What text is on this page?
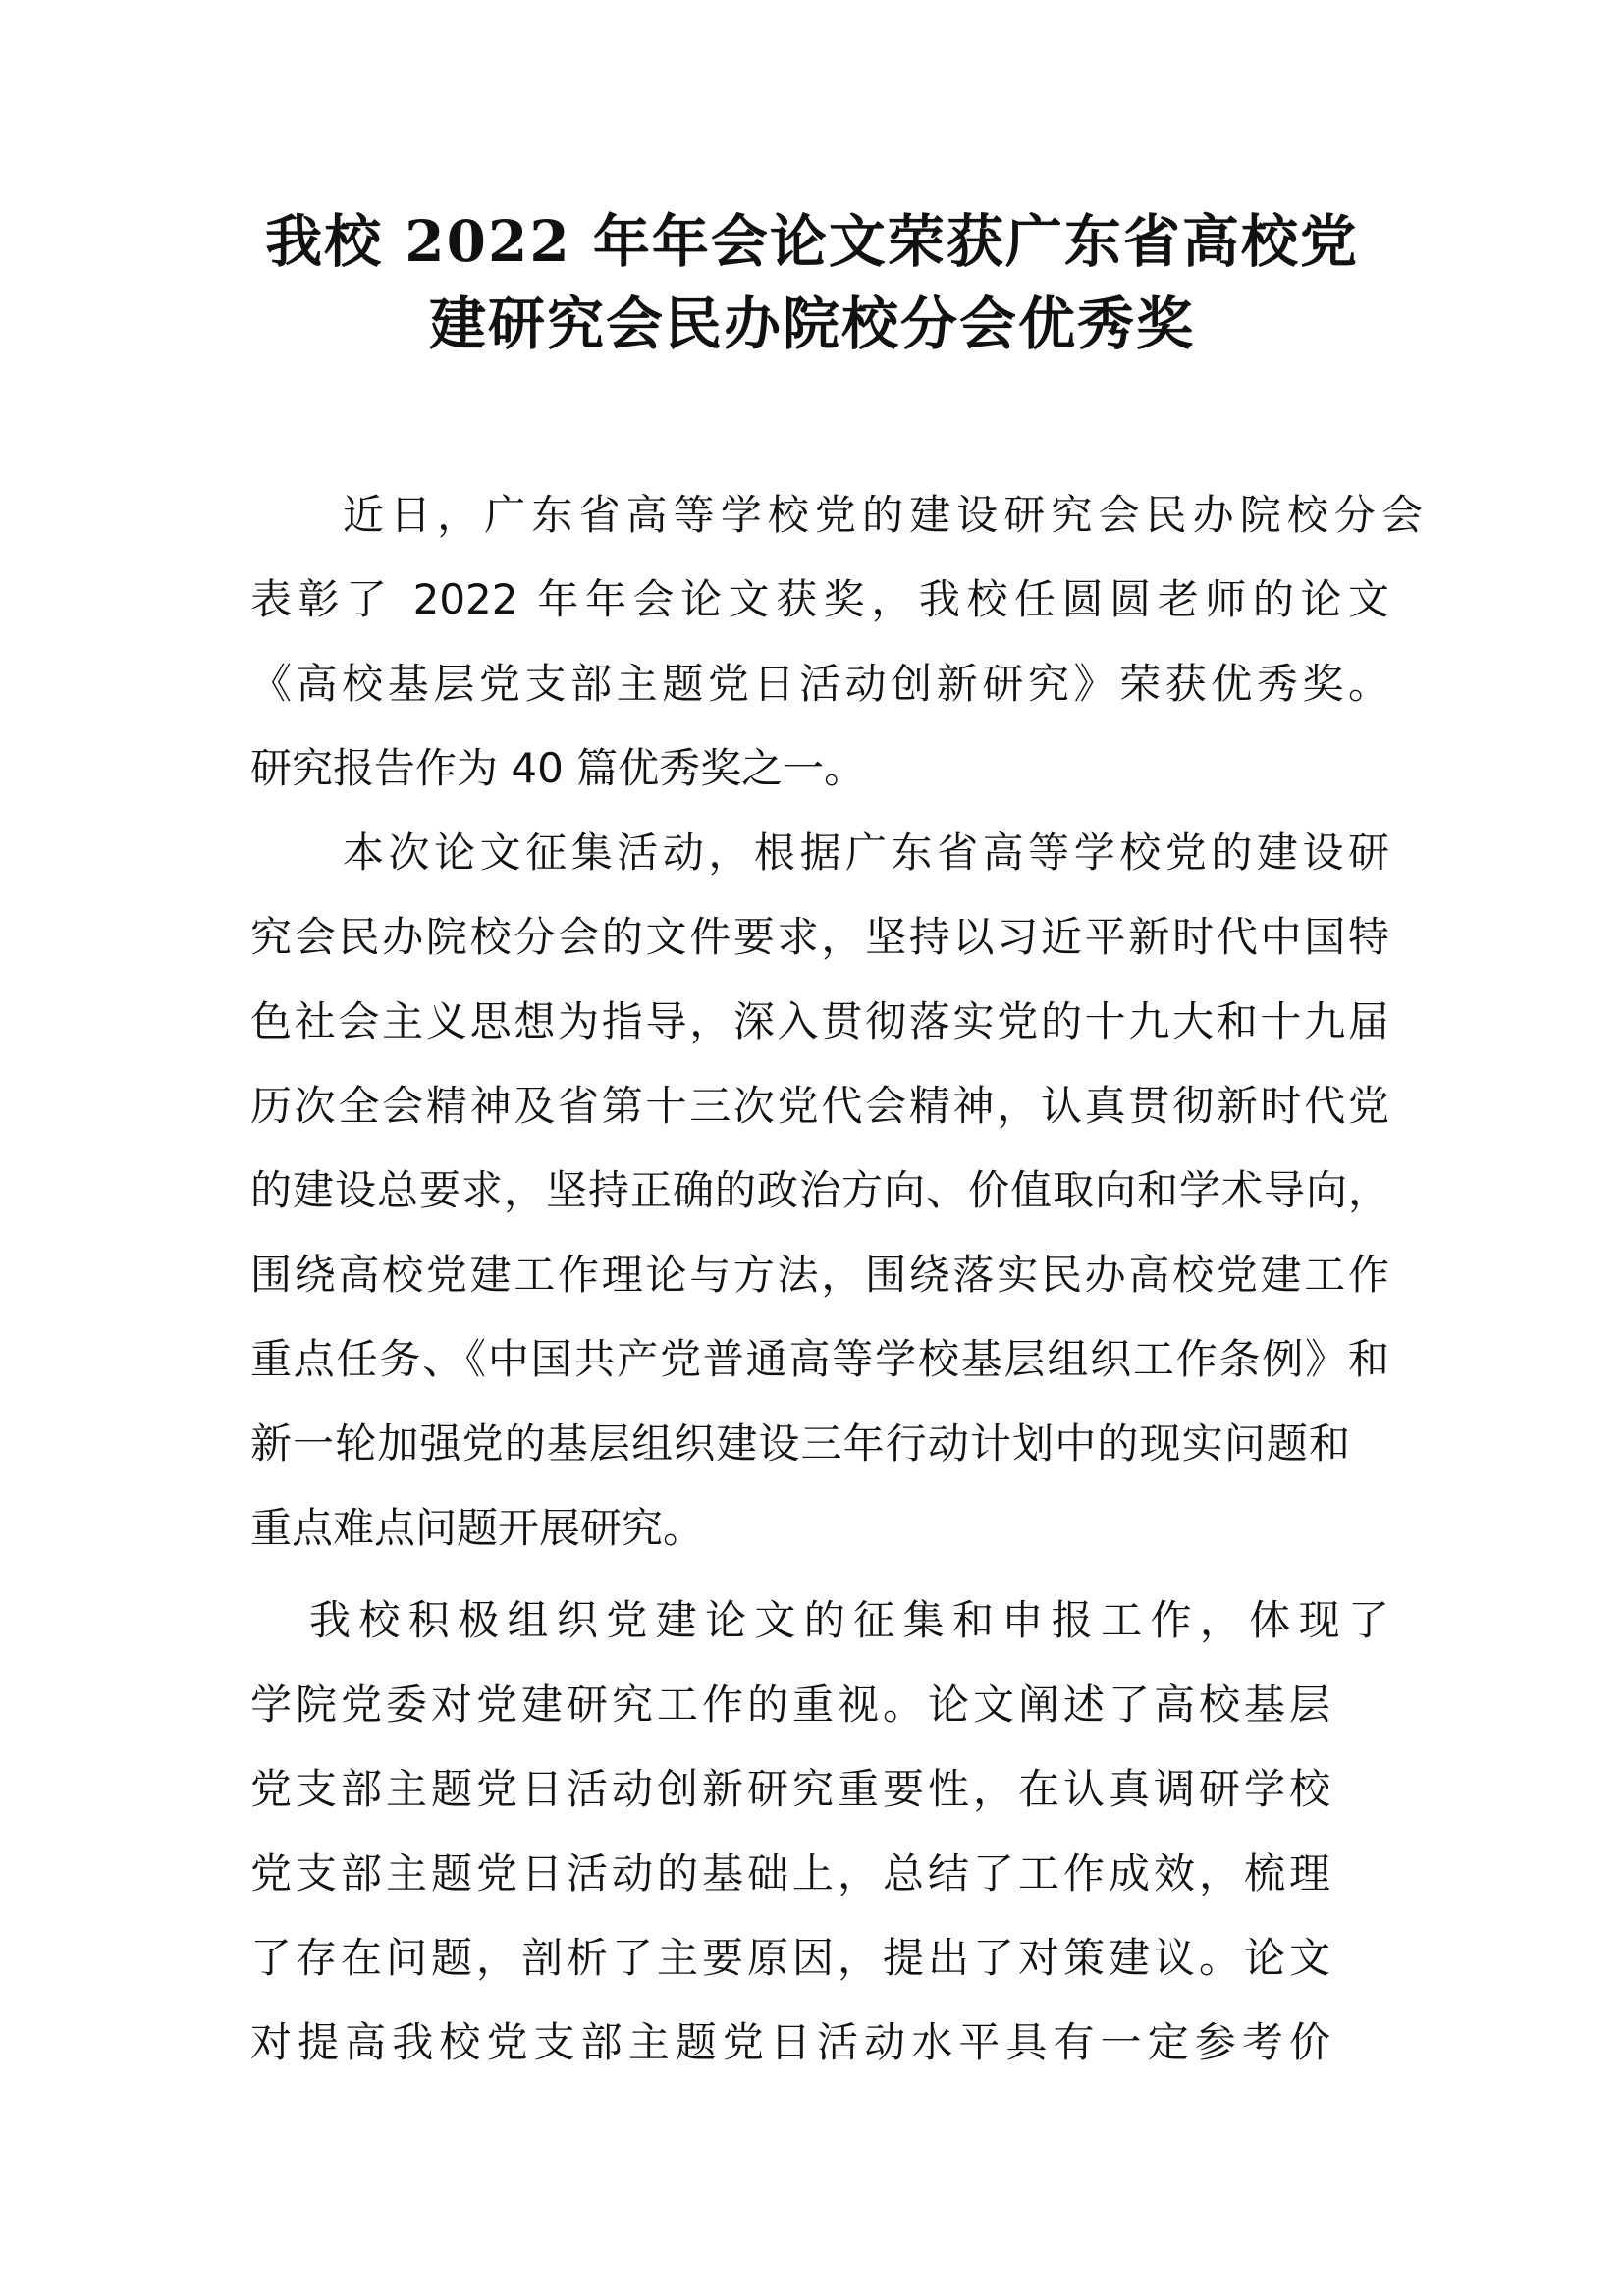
我校 2022 年年会论文荣获广东省高校党
建研究会民办院校分会优秀奖
近日，广东省高等学校党的建设研究会民办院校分会
表彰了 2022 年年会论文获奖，我校任圆圆老师的论文
《高校基层党支部主题党日活动创新研究》荣获优秀奖。
研究报告作为 40 篇优秀奖之一。
本次论文征集活动，根据广东省高等学校党的建设研
究会民办院校分会的文件要求，坚持以习近平新时代中国特
色社会主义思想为指导，深入贯彻落实党的十九大和十九届
历次全会精神及省第十三次党代会精神，认真贯彻新时代党
的建设总要求，坚持正确的政治方向、价值取向和学术导向，
围绕高校党建工作理论与方法，围绕落实民办高校党建工作
重点任务、《中国共产党普通高等学校基层组织工作条例》和
新一轮加强党的基层组织建设三年行动计划中的现实问题和
重点难点问题开展研究。
我校积极组织党建论文的征集和申报工作，体现了
学院党委对党建研究工作的重视。论文阐述了高校基层
党支部主题党日活动创新研究重要性，在认真调研学校
党支部主题党日活动的基础上，总结了工作成效，梳理
了存在问题，剖析了主要原因，提出了对策建议。论文
对提高我校党支部主题党日活动水平具有一定参考价
